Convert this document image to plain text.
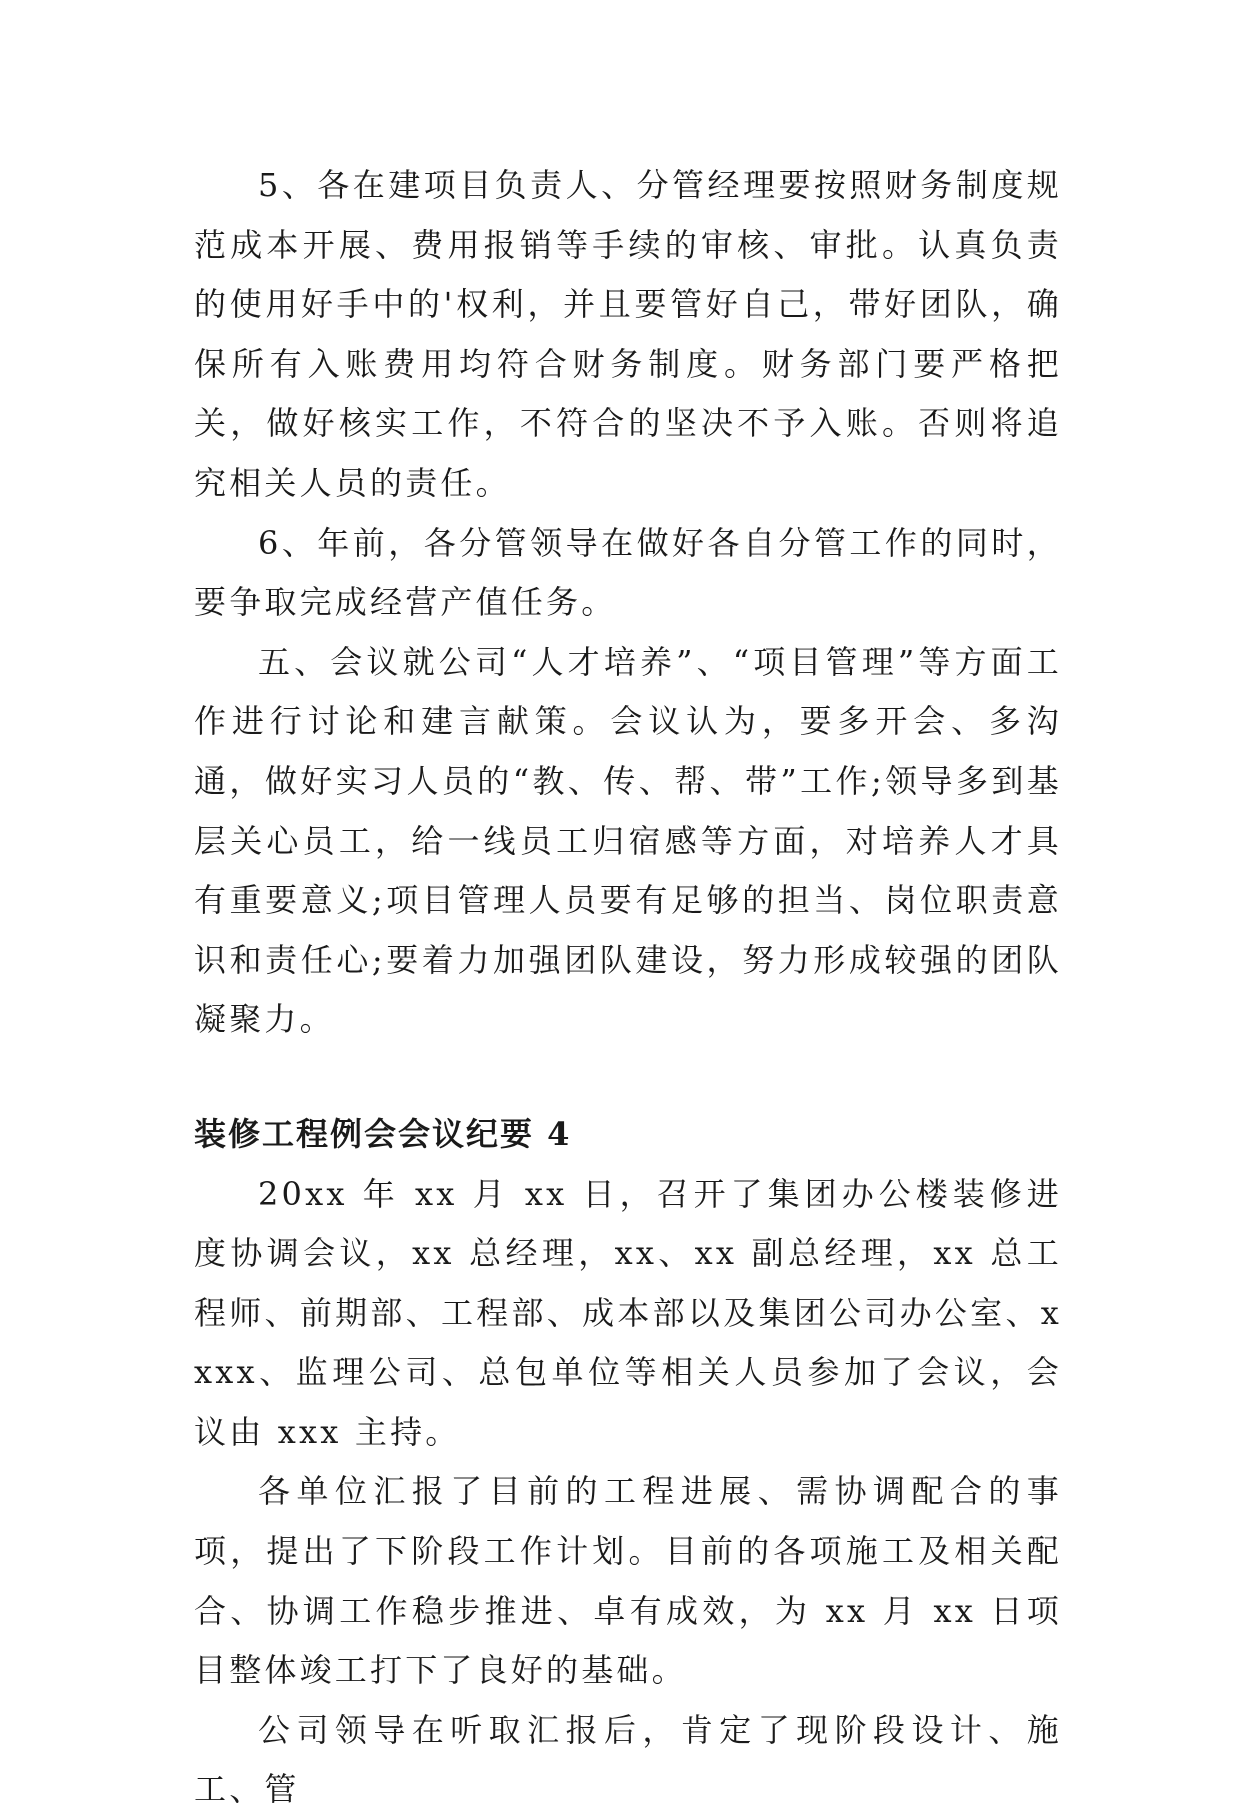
5、各在建项目负责人、分管经理要按照财务制度规范成本开展、费用报销等手续的审核、审批。认真负责的使用好手中的'权利，并且要管好自己，带好团队，确保所有入账费用均符合财务制度。财务部门要严格把关，做好核实工作，不符合的坚决不予入账。否则将追究相关人员的责任。

6、年前，各分管领导在做好各自分管工作的同时，要争取完成经营产值任务。

五、会议就公司“人才培养”、“项目管理”等方面工作进行讨论和建言献策。会议认为，要多开会、多沟通，做好实习人员的“教、传、帮、带”工作;领导多到基层关心员工，给一线员工归宿感等方面，对培养人才具有重要意义;项目管理人员要有足够的担当、岗位职责意识和责任心;要着力加强团队建设，努力形成较强的团队凝聚力。

装修工程例会会议纪要 4

20xx 年 xx 月 xx 日，召开了集团办公楼装修进度协调会议，xx 总经理，xx、xx 副总经理，xx 总工程师、前期部、工程部、成本部以及集团公司办公室、xxxx、监理公司、总包单位等相关人员参加了会议，会议由 xxx 主持。

各单位汇报了目前的工程进展、需协调配合的事项，提出了下阶段工作计划。目前的各项施工及相关配合、协调工作稳步推进、卓有成效，为 xx 月 xx 日项目整体竣工打下了良好的基础。

公司领导在听取汇报后，肯定了现阶段设计、施工、管
